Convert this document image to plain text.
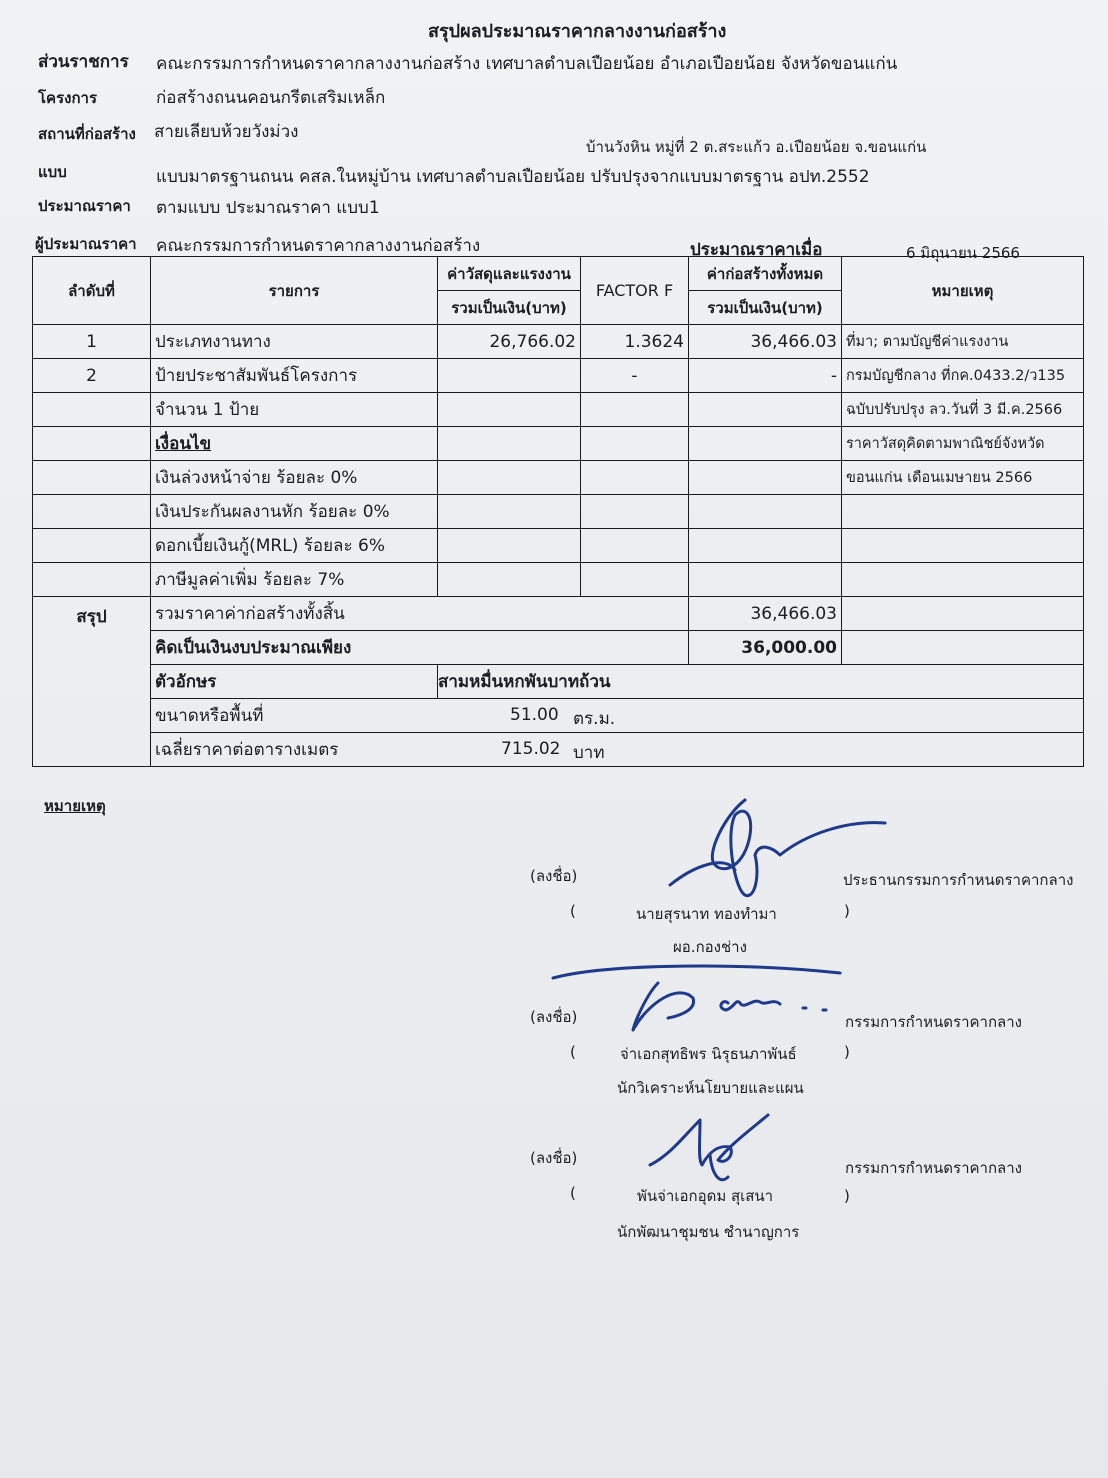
สรุปผลประมาณราคากลางงานก่อสร้าง
ส่วนราชการ คณะกรรมการกำหนดราคากลางงานก่อสร้าง เทศบาลตำบลเปือยน้อย อำเภอเปือยน้อย จังหวัดขอนแก่น
โครงการ	ก่อสร้างถนนคอนกรีตเสริมเหล็ก
สถานที่ก่อสร้าง สายเลียบห้วยวังม่วง
บ้านวังหิน หมู่ที่ 2 ต.สระแก้ว อ.เปือยน้อย จ.ขอนแก่น
แบบ	แบบมาตรฐานถนน คสล.ในหมู่บ้าน เทศบาลตำบลเปือยน้อย ปรับปรุงจากแบบมาตรฐาน อปท.2552
ประมาณราคา ตามแบบ ประมาณราคา แบบ1
ผู้ประมาณราคา คณะกรรมการกำหนดราคากลางงานก่อสร้าง	ประมาณราคาเมื่อ	6 มิถุนายน 2566
ลำดับที่	รายการ	ค่าวัสดุและแรงงาน	FACTOR F	ค่าก่อสร้างทั้งหมด	หมายเหตุ
		รวมเป็นเงิน(บาท)		รวมเป็นเงิน(บาท)	
1	ประเภทงานทาง	26,766.02	1.3624	36,466.03	ที่มา; ตามบัญชีค่าแรงงาน
2	ป้ายประชาสัมพันธ์โครงการ		-	-	กรมบัญชีกลาง ที่กค.0433.2/ว135
	จำนวน 1 ป้าย				ฉบับปรับปรุง ลว.วันที่ 3 มี.ค.2566
	เงื่อนไข				ราคาวัสดุคิดตามพาณิชย์จังหวัด
	เงินล่วงหน้าจ่าย ร้อยละ 0%				ขอนแก่น เดือนเมษายน 2566
	เงินประกันผลงานหัก ร้อยละ 0%				
	ดอกเบี้ยเงินกู้(MRL) ร้อยละ 6%				
	ภาษีมูลค่าเพิ่ม ร้อยละ 7%				
สรุป	รวมราคาค่าก่อสร้างทั้งสิ้น			36,466.03	
	คิดเป็นเงินงบประมาณเพียง			36,000.00	
	ตัวอักษร	สามหมื่นหกพันบาทถ้วน			
	ขนาดหรือพื้นที่ 51.00 ตร.ม.				

	เฉลี่ยราคาต่อตารางเมตร 715.02 บาท				
หมายเหตุ
(ลงชื่อ)
(	นายสุรนาท ทองทำมา	)
ผอ.กองช่าง
ประธานกรรมการกำหนดราคากลาง
(ลงชื่อ)
(	จ่าเอกสุทธิพร นิรุธนภาพันธ์	)
นักวิเคราะห์นโยบายและแผน
กรรมการกำหนดราคากลาง
(ลงชื่อ)
(	พันจ่าเอกอุดม สุเสนา	)
นักพัฒนาชุมชน ชำนาญการ
กรรมการกำหนดราคากลาง
